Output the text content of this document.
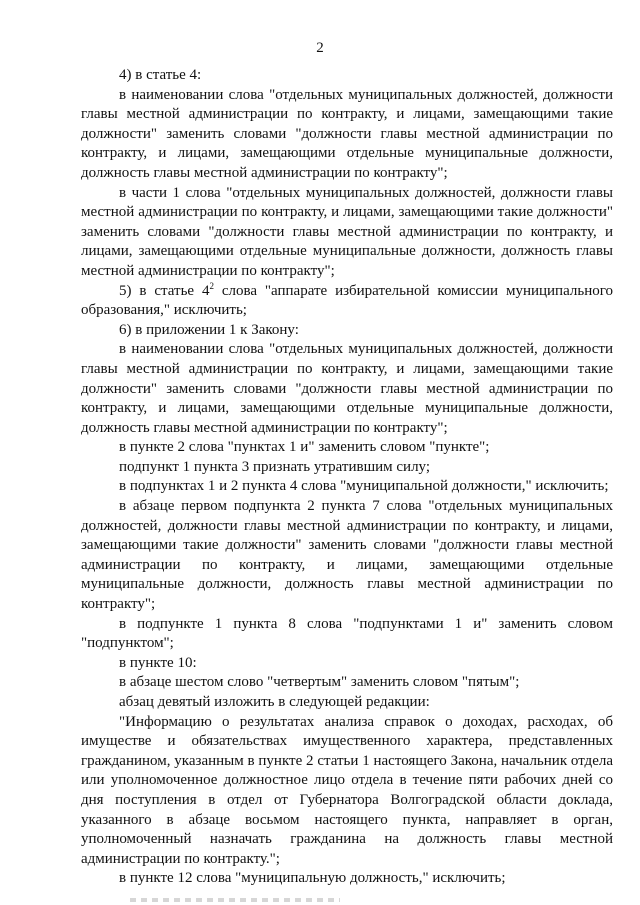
2

4) в статье 4:

в наименовании слова "отдельных муниципальных должностей, должности главы местной администрации по контракту, и лицами, замещающими такие должности" заменить словами "должности главы местной администрации по контракту, и лицами, замещающими отдельные муниципальные должности, должность главы местной администрации по контракту";

в части 1 слова "отдельных муниципальных должностей, должности главы местной администрации по контракту, и лицами, замещающими такие должности" заменить словами "должности главы местной администрации по контракту, и лицами, замещающими отдельные муниципальные должности, должность главы местной администрации по контракту";

5) в статье $4^2$ слова "аппарате избирательной комиссии муниципального образования," исключить;

6) в приложении 1 к Закону:

в наименовании слова "отдельных муниципальных должностей, должности главы местной администрации по контракту, и лицами, замещающими такие должности" заменить словами "должности главы местной администрации по контракту, и лицами, замещающими отдельные муниципальные должности, должность главы местной администрации по контракту";

в пункте 2 слова "пунктах 1 и" заменить словом "пункте";

подпункт 1 пункта 3 признать утратившим силу;

в подпунктах 1 и 2 пункта 4 слова "муниципальной должности," исключить;

в абзаце первом подпункта 2 пункта 7 слова "отдельных муниципальных должностей, должности главы местной администрации по контракту, и лицами, замещающими такие должности" заменить словами "должности главы местной администрации по контракту, и лицами, замещающими отдельные муниципальные должности, должность главы местной администрации по контракту";

в подпункте 1 пункта 8 слова "подпунктами 1 и" заменить словом "подпунктом";

в пункте 10:

в абзаце шестом слово "четвертым" заменить словом "пятым";

абзац девятый изложить в следующей редакции:

"Информацию о результатах анализа справок о доходах, расходах, об имуществе и обязательствах имущественного характера, представленных гражданином, указанным в пункте 2 статьи 1 настоящего Закона, начальник отдела или уполномоченное должностное лицо отдела в течение пяти рабочих дней со дня поступления в отдел от Губернатора Волгоградской области доклада, указанного в абзаце восьмом настоящего пункта, направляет в орган, уполномоченный назначать гражданина на должность главы местной администрации по контракту.";

в пункте 12 слова "муниципальную должность," исключить;
